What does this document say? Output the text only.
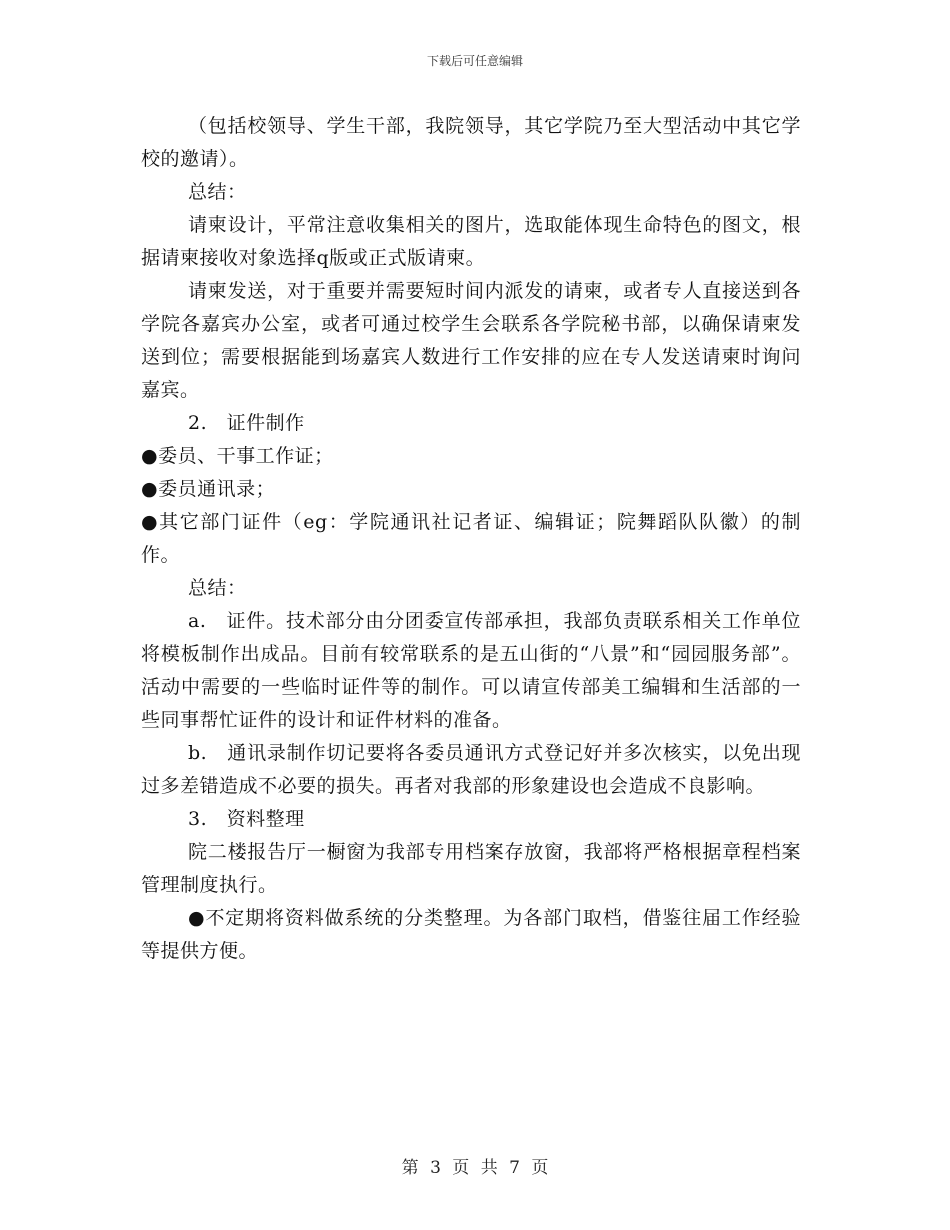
下载后可任意编辑

（包括校领导、学生干部，我院领导，其它学院乃至大型活动中其它学校的邀请）。

总结：

请柬设计，平常注意收集相关的图片，选取能体现生命特色的图文，根据请柬接收对象选择q版或正式版请柬。

请柬发送，对于重要并需要短时间内派发的请柬，或者专人直接送到各学院各嘉宾办公室，或者可通过校学生会联系各学院秘书部，以确保请柬发送到位；需要根据能到场嘉宾人数进行工作安排的应在专人发送请柬时询问嘉宾。

2.　证件制作

●委员、干事工作证；

●委员通讯录；

●其它部门证件（eg：学院通讯社记者证、编辑证；院舞蹈队队徽）的制作。

总结：

a.　证件。技术部分由分团委宣传部承担，我部负责联系相关工作单位将模板制作出成品。目前有较常联系的是五山街的“八景”和“园园服务部”。活动中需要的一些临时证件等的制作。可以请宣传部美工编辑和生活部的一些同事帮忙证件的设计和证件材料的准备。

b.　通讯录制作切记要将各委员通讯方式登记好并多次核实，以免出现过多差错造成不必要的损失。再者对我部的形象建设也会造成不良影响。

3.　资料整理

院二楼报告厅一橱窗为我部专用档案存放窗，我部将严格根据章程档案管理制度执行。

●不定期将资料做系统的分类整理。为各部门取档，借鉴往届工作经验等提供方便。

第 3 页 共 7 页
